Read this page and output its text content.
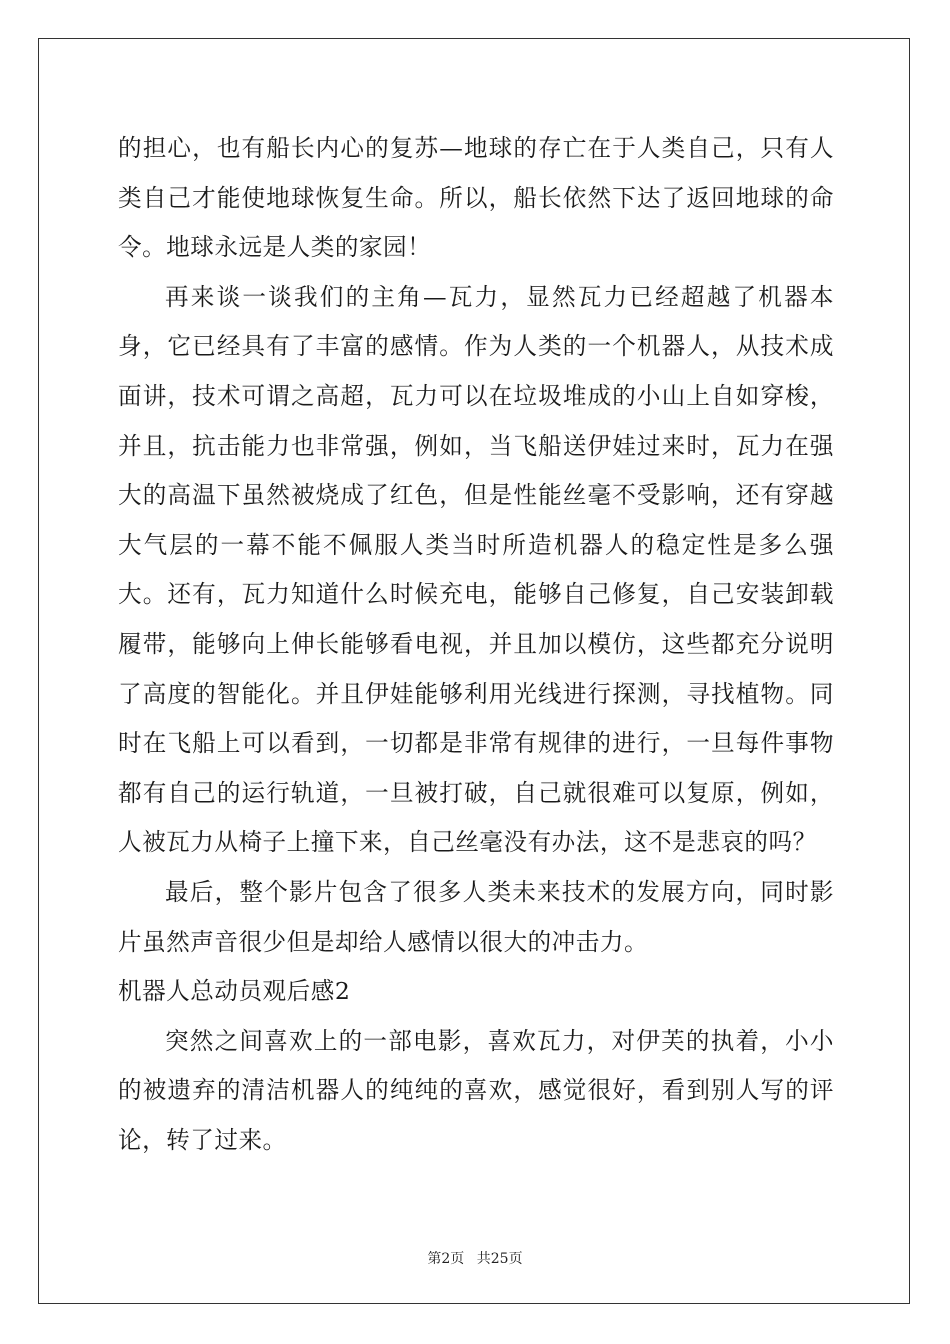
的担心，也有船长内心的复苏—地球的存亡在于人类自己，只有人类自己才能使地球恢复生命。所以，船长依然下达了返回地球的命令。地球永远是人类的家园！

再来谈一谈我们的主角—瓦力，显然瓦力已经超越了机器本身，它已经具有了丰富的感情。作为人类的一个机器人，从技术成面讲，技术可谓之高超，瓦力可以在垃圾堆成的小山上自如穿梭，并且，抗击能力也非常强，例如，当飞船送伊娃过来时，瓦力在强大的高温下虽然被烧成了红色，但是性能丝毫不受影响，还有穿越大气层的一幕不能不佩服人类当时所造机器人的稳定性是多么强大。还有，瓦力知道什么时候充电，能够自己修复，自己安装卸载履带，能够向上伸长能够看电视，并且加以模仿，这些都充分说明了高度的智能化。并且伊娃能够利用光线进行探测，寻找植物。同时在飞船上可以看到，一切都是非常有规律的进行，一旦每件事物都有自己的运行轨道，一旦被打破，自己就很难可以复原，例如，人被瓦力从椅子上撞下来，自己丝毫没有办法，这不是悲哀的吗？

最后，整个影片包含了很多人类未来技术的发展方向，同时影片虽然声音很少但是却给人感情以很大的冲击力。

机器人总动员观后感2

突然之间喜欢上的一部电影，喜欢瓦力，对伊芙的执着，小小的被遗弃的清洁机器人的纯纯的喜欢，感觉很好，看到别人写的评论，转了过来。

第2页 共25页
